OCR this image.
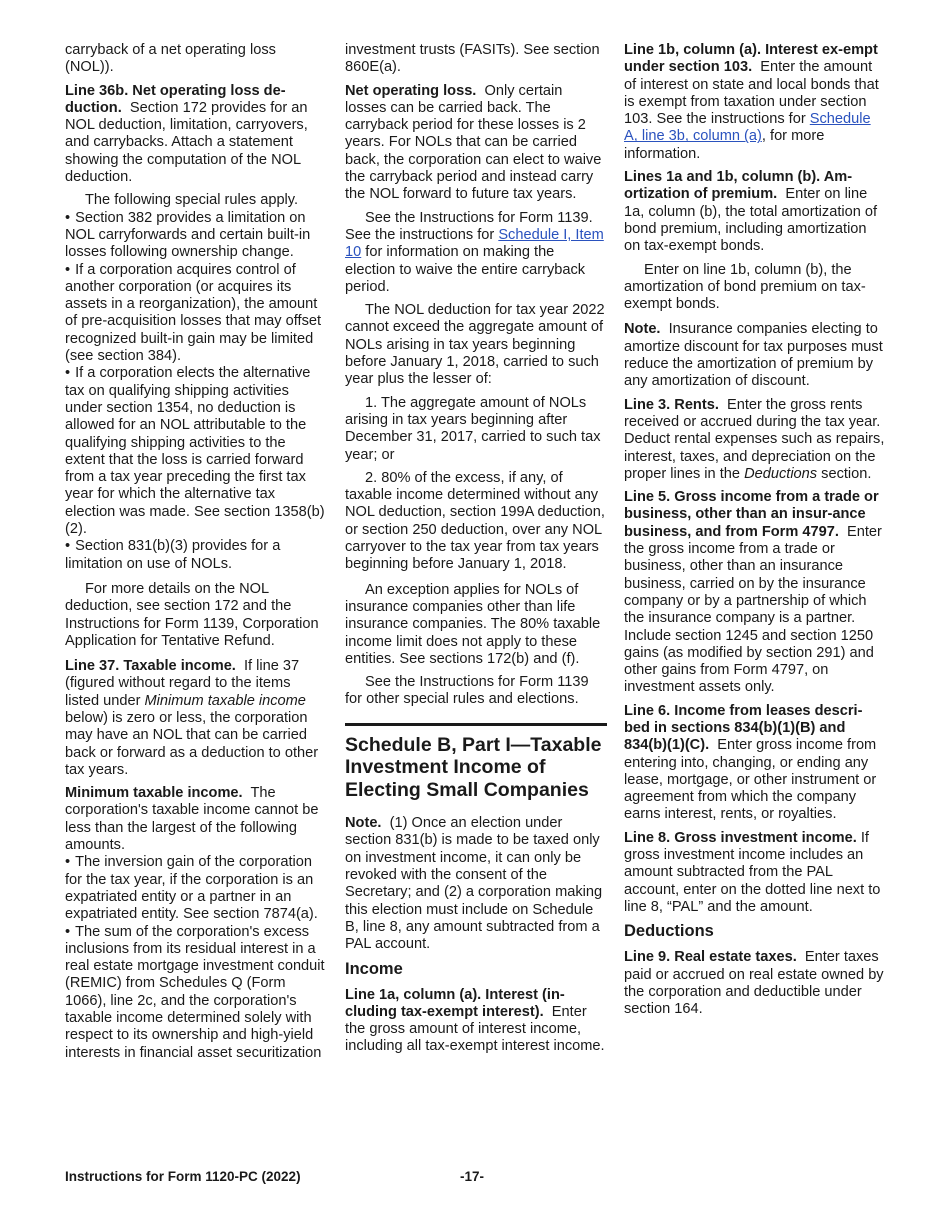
carryback of a net operating loss (NOL)).

Line 36b. Net operating loss de-duction. Section 172 provides for an NOL deduction, limitation, carryovers, and carrybacks. Attach a statement showing the computation of the NOL deduction.

The following special rules apply.

• Section 382 provides a limitation on NOL carryforwards and certain built-in losses following ownership change.

• If a corporation acquires control of another corporation (or acquires its assets in a reorganization), the amount of pre-acquisition losses that may offset recognized built-in gain may be limited (see section 384).

• If a corporation elects the alternative tax on qualifying shipping activities under section 1354, no deduction is allowed for an NOL attributable to the qualifying shipping activities to the extent that the loss is carried forward from a tax year preceding the first tax year for which the alternative tax election was made. See section 1358(b)(2).

• Section 831(b)(3) provides for a limitation on use of NOLs.

For more details on the NOL deduction, see section 172 and the Instructions for Form 1139, Corporation Application for Tentative Refund.

Line 37. Taxable income. If line 37 (figured without regard to the items listed under Minimum taxable income below) is zero or less, the corporation may have an NOL that can be carried back or forward as a deduction to other tax years.

Minimum taxable income. The corporation's taxable income cannot be less than the largest of the following amounts.

• The inversion gain of the corporation for the tax year, if the corporation is an expatriated entity or a partner in an expatriated entity. See section 7874(a).

• The sum of the corporation's excess inclusions from its residual interest in a real estate mortgage investment conduit (REMIC) from Schedules Q (Form 1066), line 2c, and the corporation's taxable income determined solely with respect to its ownership and high-yield interests in financial asset securitization

investment trusts (FASITs). See section 860E(a).

Net operating loss. Only certain losses can be carried back. The carryback period for these losses is 2 years. For NOLs that can be carried back, the corporation can elect to waive the carryback period and instead carry the NOL forward to future tax years.

See the Instructions for Form 1139. See the instructions for Schedule I, Item 10 for information on making the election to waive the entire carryback period.

The NOL deduction for tax year 2022 cannot exceed the aggregate amount of NOLs arising in tax years beginning before January 1, 2018, carried to such year plus the lesser of:

1. The aggregate amount of NOLs arising in tax years beginning after December 31, 2017, carried to such tax year; or

2. 80% of the excess, if any, of taxable income determined without any NOL deduction, section 199A deduction, or section 250 deduction, over any NOL carryover to the tax year from tax years beginning before January 1, 2018.

An exception applies for NOLs of insurance companies other than life insurance companies. The 80% taxable income limit does not apply to these entities. See sections 172(b) and (f).

See the Instructions for Form 1139 for other special rules and elections.

Schedule B, Part I—Taxable Investment Income of Electing Small Companies

Note. (1) Once an election under section 831(b) is made to be taxed only on investment income, it can only be revoked with the consent of the Secretary; and (2) a corporation making this election must include on Schedule B, line 8, any amount subtracted from a PAL account.

Income

Line 1a, column (a). Interest (in-cluding tax-exempt interest). Enter the gross amount of interest income, including all tax-exempt interest income.

Line 1b, column (a). Interest ex-empt under section 103. Enter the amount of interest on state and local bonds that is exempt from taxation under section 103. See the instructions for Schedule A, line 3b, column (a), for more information.

Lines 1a and 1b, column (b). Am-ortization of premium. Enter on line 1a, column (b), the total amortization of bond premium, including amortization on tax-exempt bonds.

Enter on line 1b, column (b), the amortization of bond premium on tax-exempt bonds.

Note. Insurance companies electing to amortize discount for tax purposes must reduce the amortization of premium by any amortization of discount.

Line 3. Rents. Enter the gross rents received or accrued during the tax year. Deduct rental expenses such as repairs, interest, taxes, and depreciation on the proper lines in the Deductions section.

Line 5. Gross income from a trade or business, other than an insur-ance business, and from Form 4797. Enter the gross income from a trade or business, other than an insurance business, carried on by the insurance company or by a partnership of which the insurance company is a partner. Include section 1245 and section 1250 gains (as modified by section 291) and other gains from Form 4797, on investment assets only.

Line 6. Income from leases descri-bed in sections 834(b)(1)(B) and 834(b)(1)(C). Enter gross income from entering into, changing, or ending any lease, mortgage, or other instrument or agreement from which the company earns interest, rents, or royalties.

Line 8. Gross investment income. If gross investment income includes an amount subtracted from the PAL account, enter on the dotted line next to line 8, “PAL” and the amount.

Deductions

Line 9. Real estate taxes. Enter taxes paid or accrued on real estate owned by the corporation and deductible under section 164.

Instructions for Form 1120-PC (2022)	-17-
